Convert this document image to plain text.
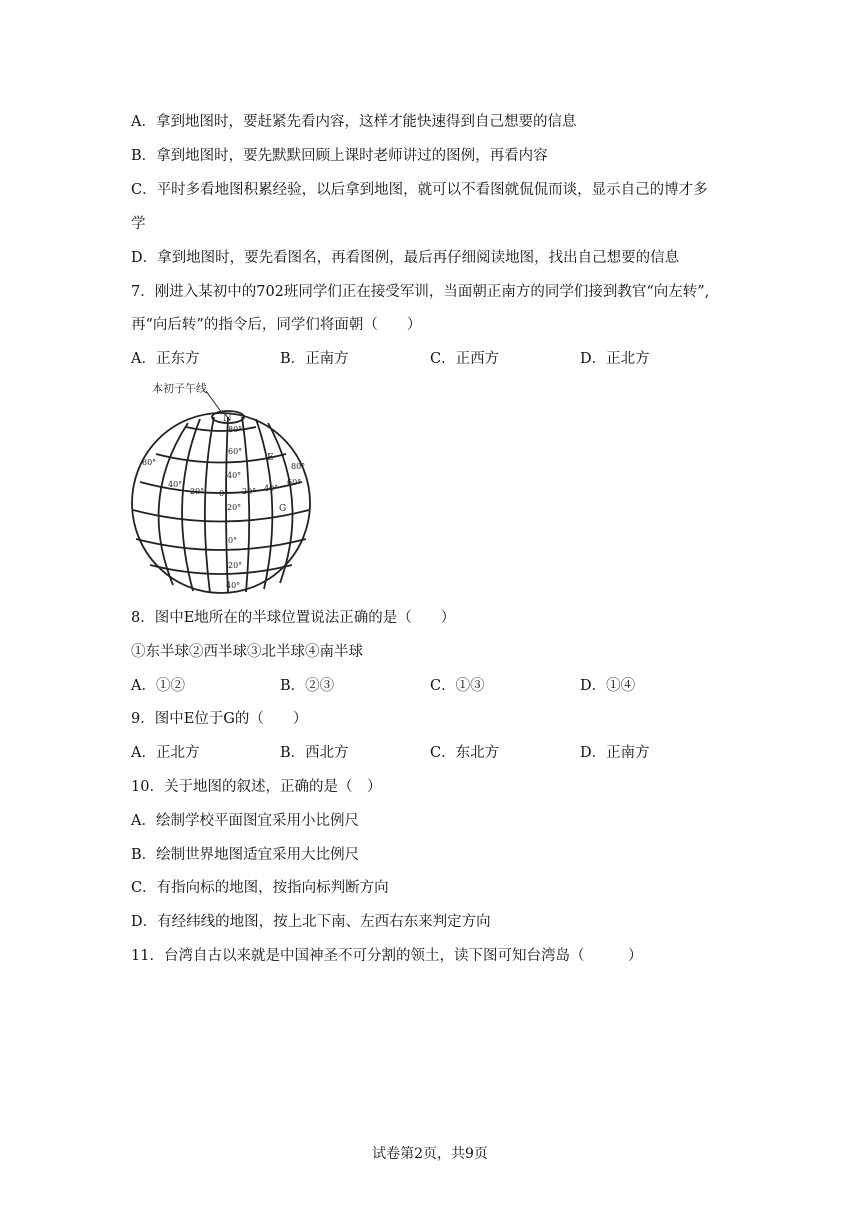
A．拿到地图时，要赶紧先看内容，这样才能快速得到自己想要的信息
B．拿到地图时，要先默默回顾上课时老师讲过的图例，再看内容
C．平时多看地图积累经验，以后拿到地图，就可以不看图就侃侃而谈，显示自己的博才多
学
D．拿到地图时，要先看图名，再看图例，最后再仔细阅读地图，找出自己想要的信息
7．刚进入某初中的702班同学们正在接受军训，当面朝正南方的同学们接到教官“向左转”,
再“向后转”的指令后，同学们将面朝（　　）
A．正东方	B．正南方	C．正西方	D．正北方
本初子午线
N
80°
60°
40°
20°
0°
20°
40°
80°
40°
20° 0° 20° 40°
60°
80°
E
G
8．图中E地所在的半球位置说法正确的是（　　）
①东半球②西半球③北半球④南半球
A．①②	B．②③	C．①③	D．①④
9．图中E位于G的（　　）
A．正北方	B．西北方	C．东北方	D．正南方
10．关于地图的叙述，正确的是（　）
A．绘制学校平面图宜采用小比例尺
B．绘制世界地图适宜采用大比例尺
C．有指向标的地图，按指向标判断方向
D．有经纬线的地图，按上北下南、左西右东来判定方向
11．台湾自古以来就是中国神圣不可分割的领土，读下图可知台湾岛（　　　）
试卷第2页，共9页
